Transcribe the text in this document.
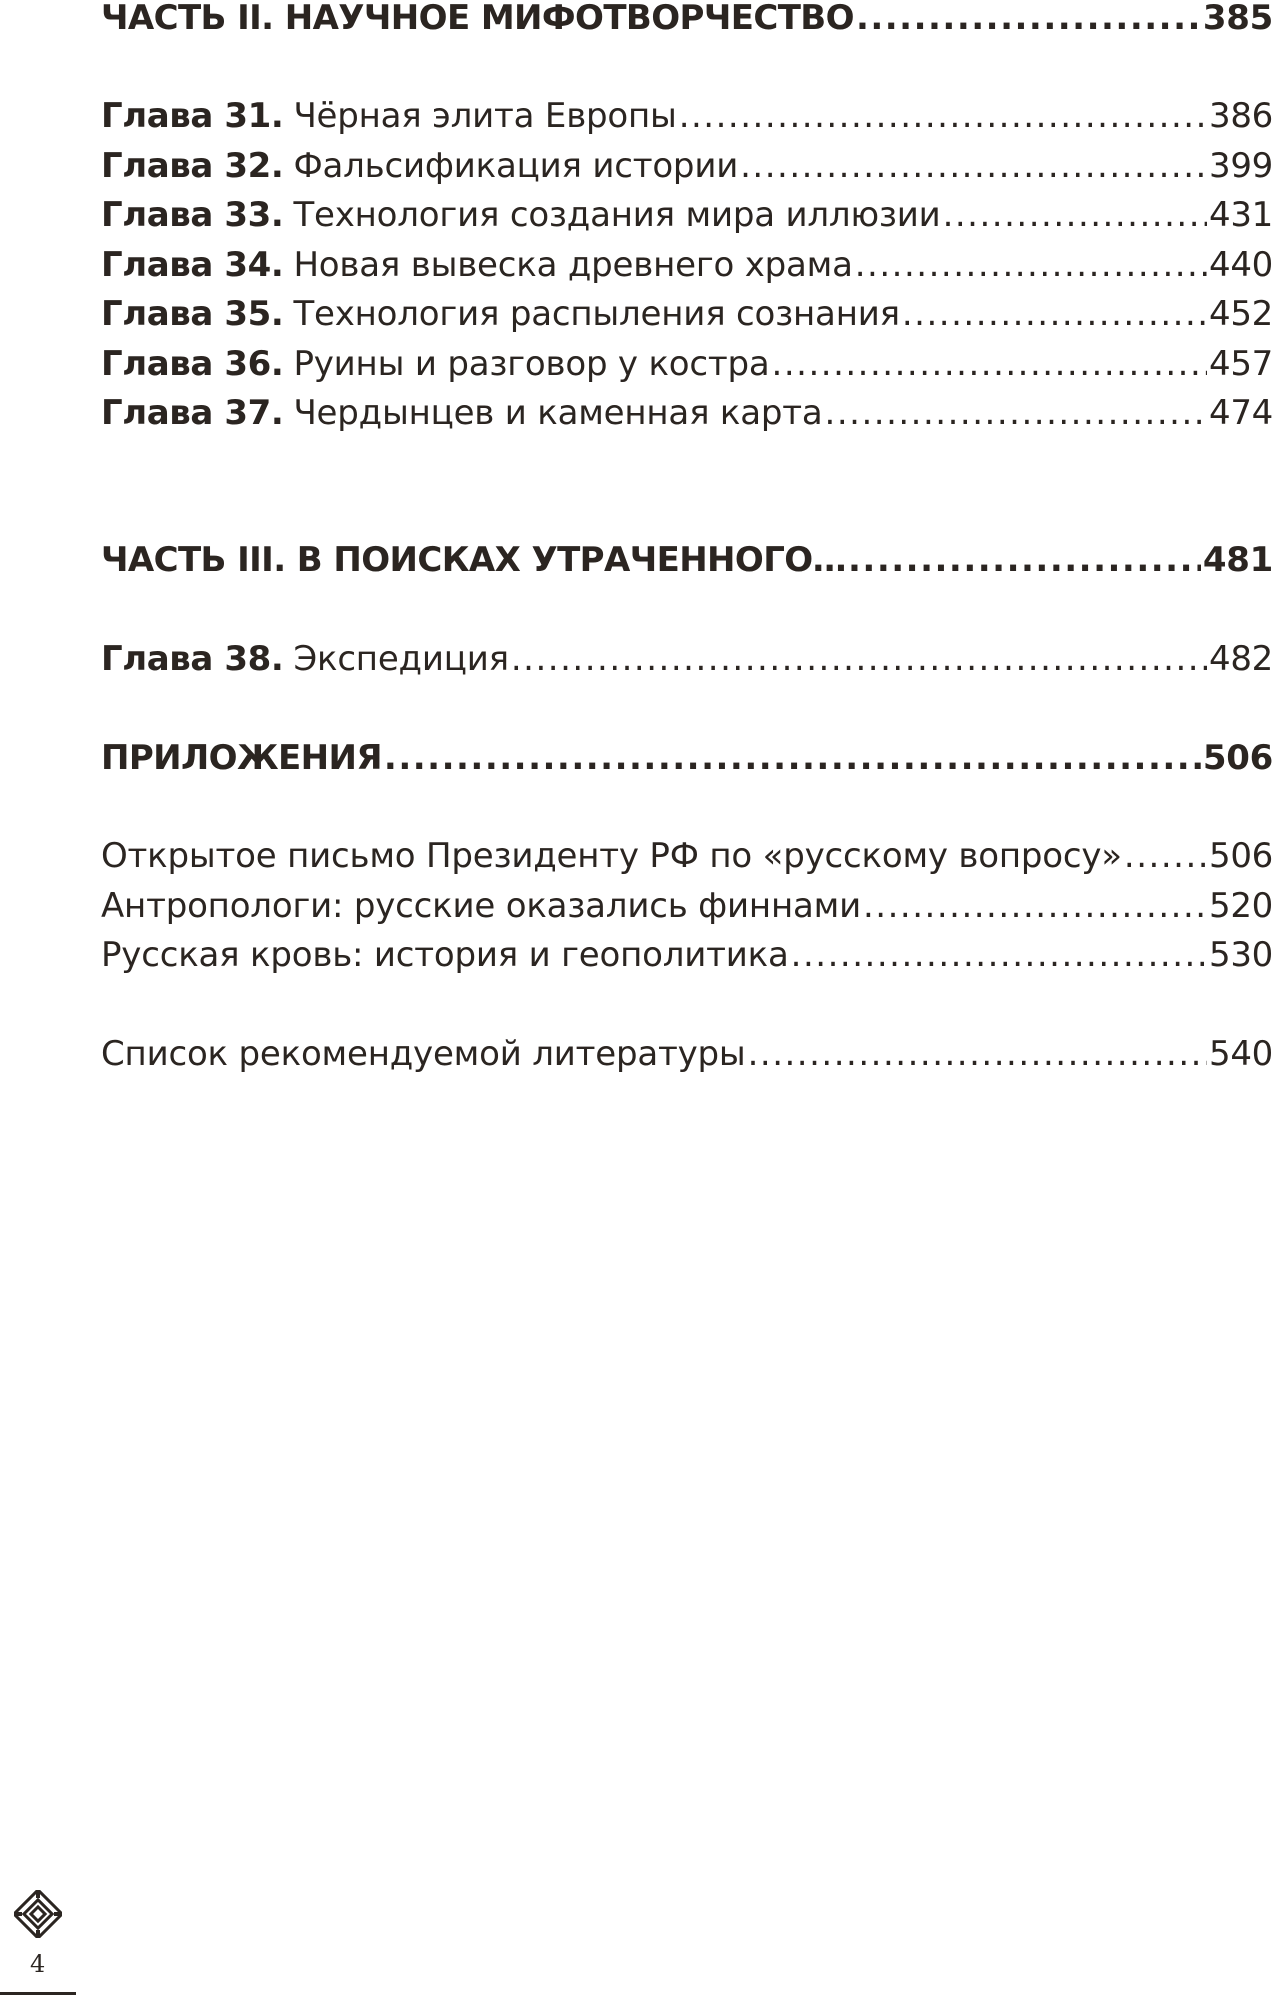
ЧАСТЬ II. НАУЧНОЕ МИФОТВОРЧЕСТВО .....	385
Глава 31. Чёрная элита Европы .....	386
Глава 32. Фальсификация истории .....	399
Глава 33. Технология создания мира иллюзии .....	431
Глава 34. Новая вывеска древнего храма .....	440
Глава 35. Технология распыления сознания .....	452
Глава 36. Руины и разговор у костра .....	457
Глава 37. Чердынцев и каменная карта .....	474
ЧАСТЬ III. В ПОИСКАХ УТРАЧЕННОГО… .....	481
Глава 38. Экспедиция .....	482
ПРИЛОЖЕНИЯ .....	506
Открытое письмо Президенту РФ по «русскому вопросу» .....	506
Антропологи: русские оказались финнами .....	520
Русская кровь: история и геополитика .....	530
Список рекомендуемой литературы .....	540
4
